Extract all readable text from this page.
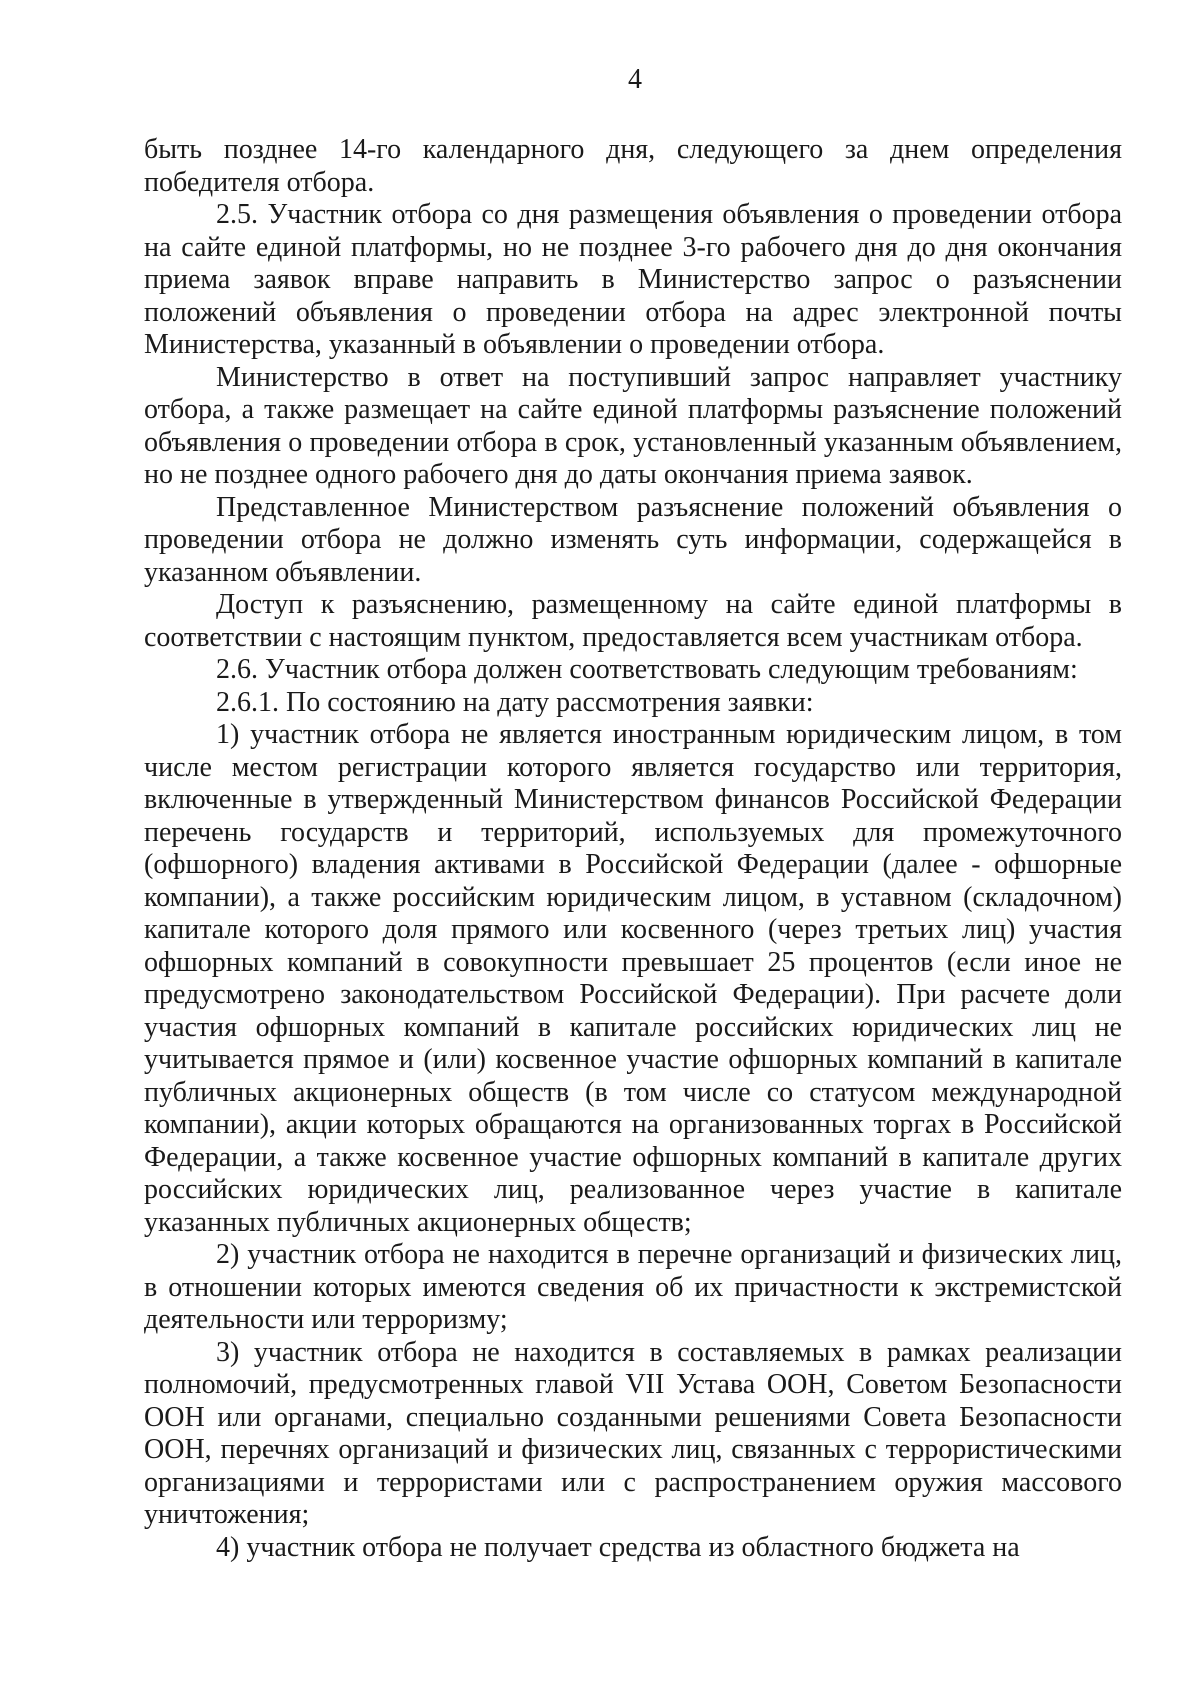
4

быть позднее 14-го календарного дня, следующего за днем определения победителя отбора.

2.5. Участник отбора со дня размещения объявления о проведении отбора на сайте единой платформы, но не позднее 3-го рабочего дня до дня окончания приема заявок вправе направить в Министерство запрос о разъяснении положений объявления о проведении отбора на адрес электронной почты Министерства, указанный в объявлении о проведении отбора.

Министерство в ответ на поступивший запрос направляет участнику отбора, а также размещает на сайте единой платформы разъяснение положений объявления о проведении отбора в срок, установленный указанным объявлением, но не позднее одного рабочего дня до даты окончания приема заявок.

Представленное Министерством разъяснение положений объявления о проведении отбора не должно изменять суть информации, содержащейся в указанном объявлении.

Доступ к разъяснению, размещенному на сайте единой платформы в соответствии с настоящим пунктом, предоставляется всем участникам отбора.

2.6. Участник отбора должен соответствовать следующим требованиям:

2.6.1. По состоянию на дату рассмотрения заявки:

1) участник отбора не является иностранным юридическим лицом, в том числе местом регистрации которого является государство или территория, включенные в утвержденный Министерством финансов Российской Федерации перечень государств и территорий, используемых для промежуточного (офшорного) владения активами в Российской Федерации (далее - офшорные компании), а также российским юридическим лицом, в уставном (складочном) капитале которого доля прямого или косвенного (через третьих лиц) участия офшорных компаний в совокупности превышает 25 процентов (если иное не предусмотрено законодательством Российской Федерации). При расчете доли участия офшорных компаний в капитале российских юридических лиц не учитывается прямое и (или) косвенное участие офшорных компаний в капитале публичных акционерных обществ (в том числе со статусом международной компании), акции которых обращаются на организованных торгах в Российской Федерации, а также косвенное участие офшорных компаний в капитале других российских юридических лиц, реализованное через участие в капитале указанных публичных акционерных обществ;

2) участник отбора не находится в перечне организаций и физических лиц, в отношении которых имеются сведения об их причастности к экстремистской деятельности или терроризму;

3) участник отбора не находится в составляемых в рамках реализации полномочий, предусмотренных главой VII Устава ООН, Советом Безопасности ООН или органами, специально созданными решениями Совета Безопасности ООН, перечнях организаций и физических лиц, связанных с террористическими организациями и террористами или с распространением оружия массового уничтожения;

4) участник отбора не получает средства из областного бюджета на
